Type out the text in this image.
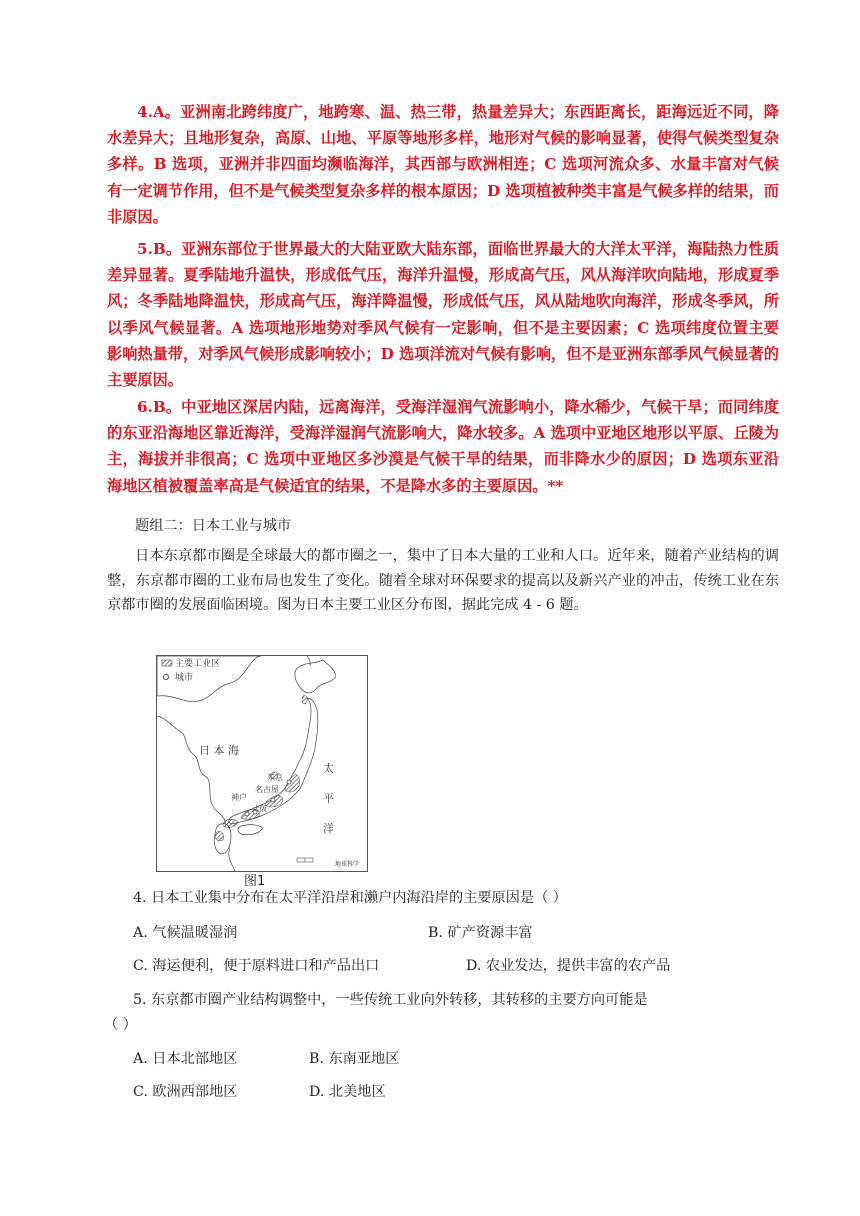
4.A。亚洲南北跨纬度广，地跨寒、温、热三带，热量差异大；东西距离长，距海远近不同，降水差异大；且地形复杂，高原、山地、平原等地形多样，地形对气候的影响显著，使得气候类型复杂多样。B 选项，亚洲并非四面均濒临海洋，其西部与欧洲相连；C 选项河流众多、水量丰富对气候有一定调节作用，但不是气候类型复杂多样的根本原因；D 选项植被种类丰富是气候多样的结果，而非原因。

5.B。亚洲东部位于世界最大的大陆亚欧大陆东部，面临世界最大的大洋太平洋，海陆热力性质差异显著。夏季陆地升温快，形成低气压，海洋升温慢，形成高气压，风从海洋吹向陆地，形成夏季风；冬季陆地降温快，形成高气压，海洋降温慢，形成低气压，风从陆地吹向海洋，形成冬季风，所以季风气候显著。A 选项地形地势对季风气候有一定影响，但不是主要因素；C 选项纬度位置主要影响热量带，对季风气候形成影响较小；D 选项洋流对气候有影响，但不是亚洲东部季风气候显著的主要原因。

6.B。中亚地区深居内陆，远离海洋，受海洋湿润气流影响小，降水稀少，气候干旱；而同纬度的东亚沿海地区靠近海洋，受海洋湿润气流影响大，降水较多。A 选项中亚地区地形以平原、丘陵为主，海拔并非很高；C 选项中亚地区多沙漠是气候干旱的结果，而非降水少的原因；D 选项东亚沿海地区植被覆盖率高是气候适宜的结果，不是降水多的主要原因。**

题组二：日本工业与城市

日本东京都市圈是全球最大的都市圈之一，集中了日本大量的工业和人口。近年来，随着产业结构的调整，东京都市圈的工业布局也发生了变化。随着全球对环保要求的提高以及新兴产业的冲击，传统工业在东京都市圈的发展面临困境。图为日本主要工业区分布图，据此完成 4 - 6 题。

主要工业区
城市
日 本 海
太
平
洋
东京
名古屋
神户
大阪
地球科学
图1
4. 日本工业集中分布在太平洋沿岸和濑户内海沿岸的主要原因是（ ）
A. 气候温暖湿润	B. 矿产资源丰富
C. 海运便利，便于原料进口和产品出口	D. 农业发达，提供丰富的农产品
5. 东京都市圈产业结构调整中，一些传统工业向外转移，其转移的主要方向可能是
（ ）
A. 日本北部地区	B. 东南亚地区
C. 欧洲西部地区	D. 北美地区
